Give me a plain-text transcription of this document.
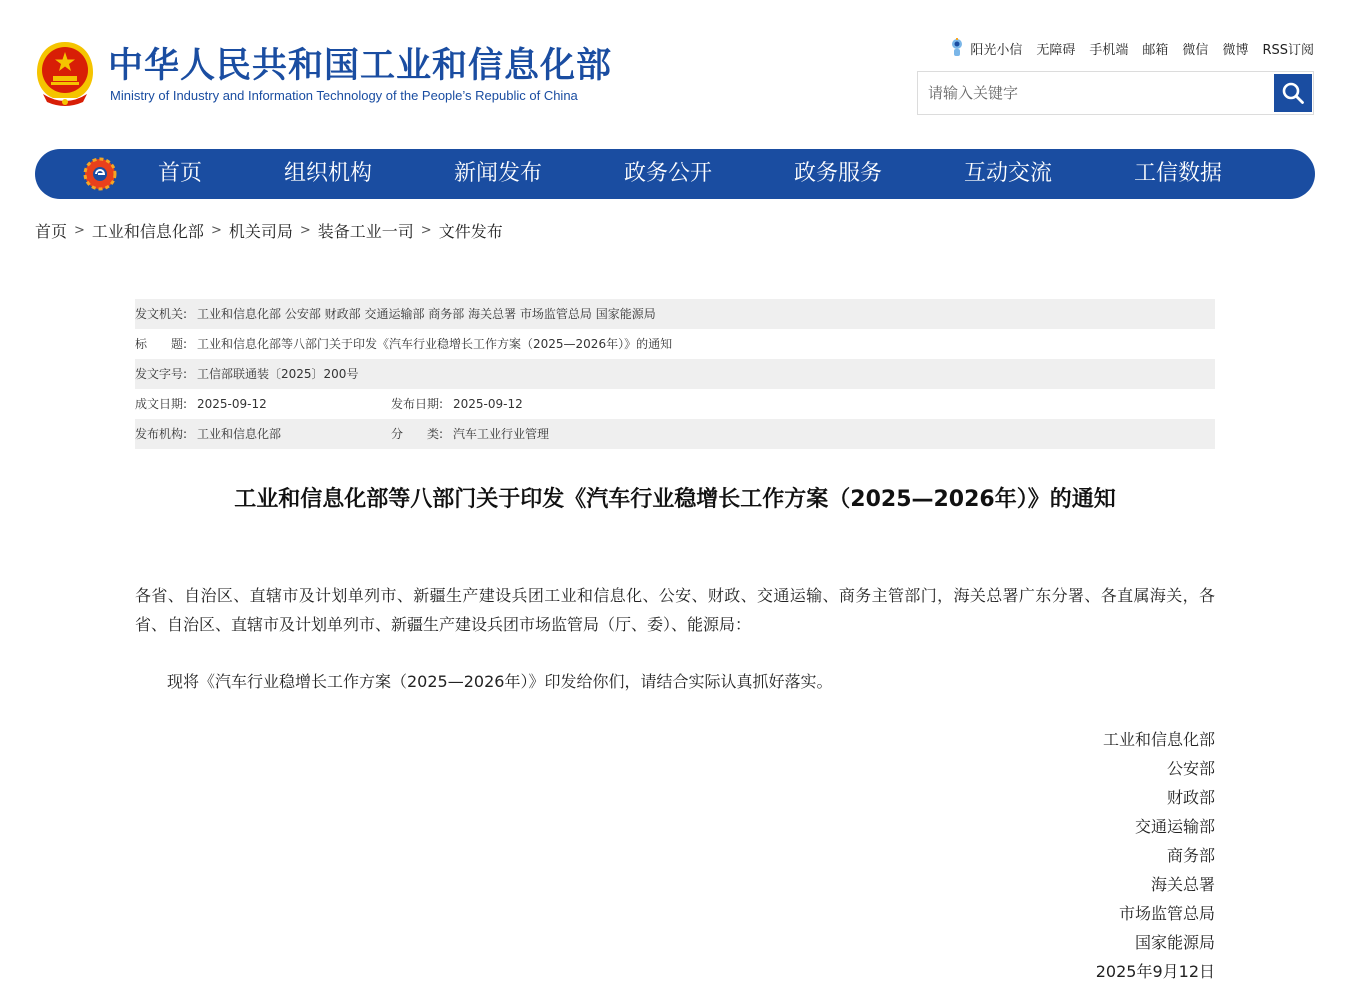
中华人民共和国工业和信息化部
Ministry of Industry and Information Technology of the People’s Republic of China
阳光小信 无障碍 手机端 邮箱 微信 微博 RSS订阅
请输入关键字
首页	组织机构	新闻发布	政务公开	政务服务	互动交流	工信数据
首页 > 工业和信息化部 > 机关司局 > 装备工业一司 > 文件发布
发文机关: 工业和信息化部 公安部 财政部 交通运输部 商务部 海关总署 市场监管总局 国家能源局
标　　题: 工业和信息化部等八部门关于印发《汽车行业稳增长工作方案（2025—2026年）》的通知
发文字号: 工信部联通装〔2025〕200号
成文日期: 2025-09-12	发布日期: 2025-09-12
发布机构: 工业和信息化部	分　　类: 汽车工业行业管理
工业和信息化部等八部门关于印发《汽车行业稳增长工作方案（2025—2026年）》的通知
各省、自治区、直辖市及计划单列市、新疆生产建设兵团工业和信息化、公安、财政、交通运输、商务主管部门，海关总署广东分署、各直属海关，各省、自治区、直辖市及计划单列市、新疆生产建设兵团市场监管局（厅、委）、能源局：
现将《汽车行业稳增长工作方案（2025—2026年）》印发给你们，请结合实际认真抓好落实。
工业和信息化部
公安部
财政部
交通运输部
商务部
海关总署
市场监管总局
国家能源局
2025年9月12日
